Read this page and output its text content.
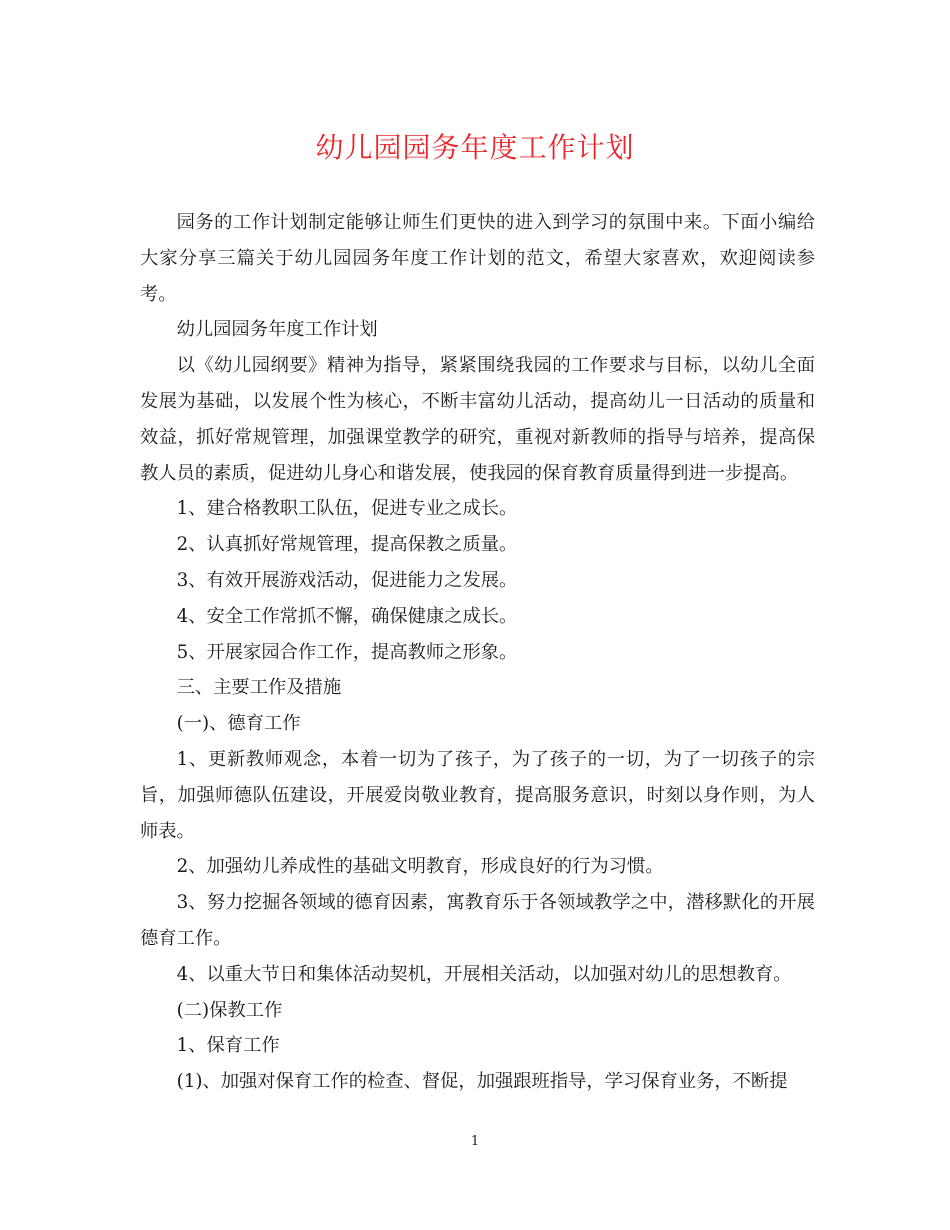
幼儿园园务年度工作计划

园务的工作计划制定能够让师生们更快的进入到学习的氛围中来。下面小编给大家分享三篇关于幼儿园园务年度工作计划的范文，希望大家喜欢，欢迎阅读参考。

幼儿园园务年度工作计划

以《幼儿园纲要》精神为指导，紧紧围绕我园的工作要求与目标，以幼儿全面发展为基础，以发展个性为核心，不断丰富幼儿活动，提高幼儿一日活动的质量和效益，抓好常规管理，加强课堂教学的研究，重视对新教师的指导与培养，提高保教人员的素质，促进幼儿身心和谐发展，使我园的保育教育质量得到进一步提高。

1、建合格教职工队伍，促进专业之成长。

2、认真抓好常规管理，提高保教之质量。

3、有效开展游戏活动，促进能力之发展。

4、安全工作常抓不懈，确保健康之成长。

5、开展家园合作工作，提高教师之形象。

三、主要工作及措施

(一)、德育工作

1、更新教师观念，本着一切为了孩子，为了孩子的一切，为了一切孩子的宗旨，加强师德队伍建设，开展爱岗敬业教育，提高服务意识，时刻以身作则，为人师表。

2、加强幼儿养成性的基础文明教育，形成良好的行为习惯。

3、努力挖掘各领域的德育因素，寓教育乐于各领域教学之中，潜移默化的开展德育工作。

4、以重大节日和集体活动契机，开展相关活动，以加强对幼儿的思想教育。

(二)保教工作

1、保育工作

(1)、加强对保育工作的检查、督促，加强跟班指导，学习保育业务，不断提

1
